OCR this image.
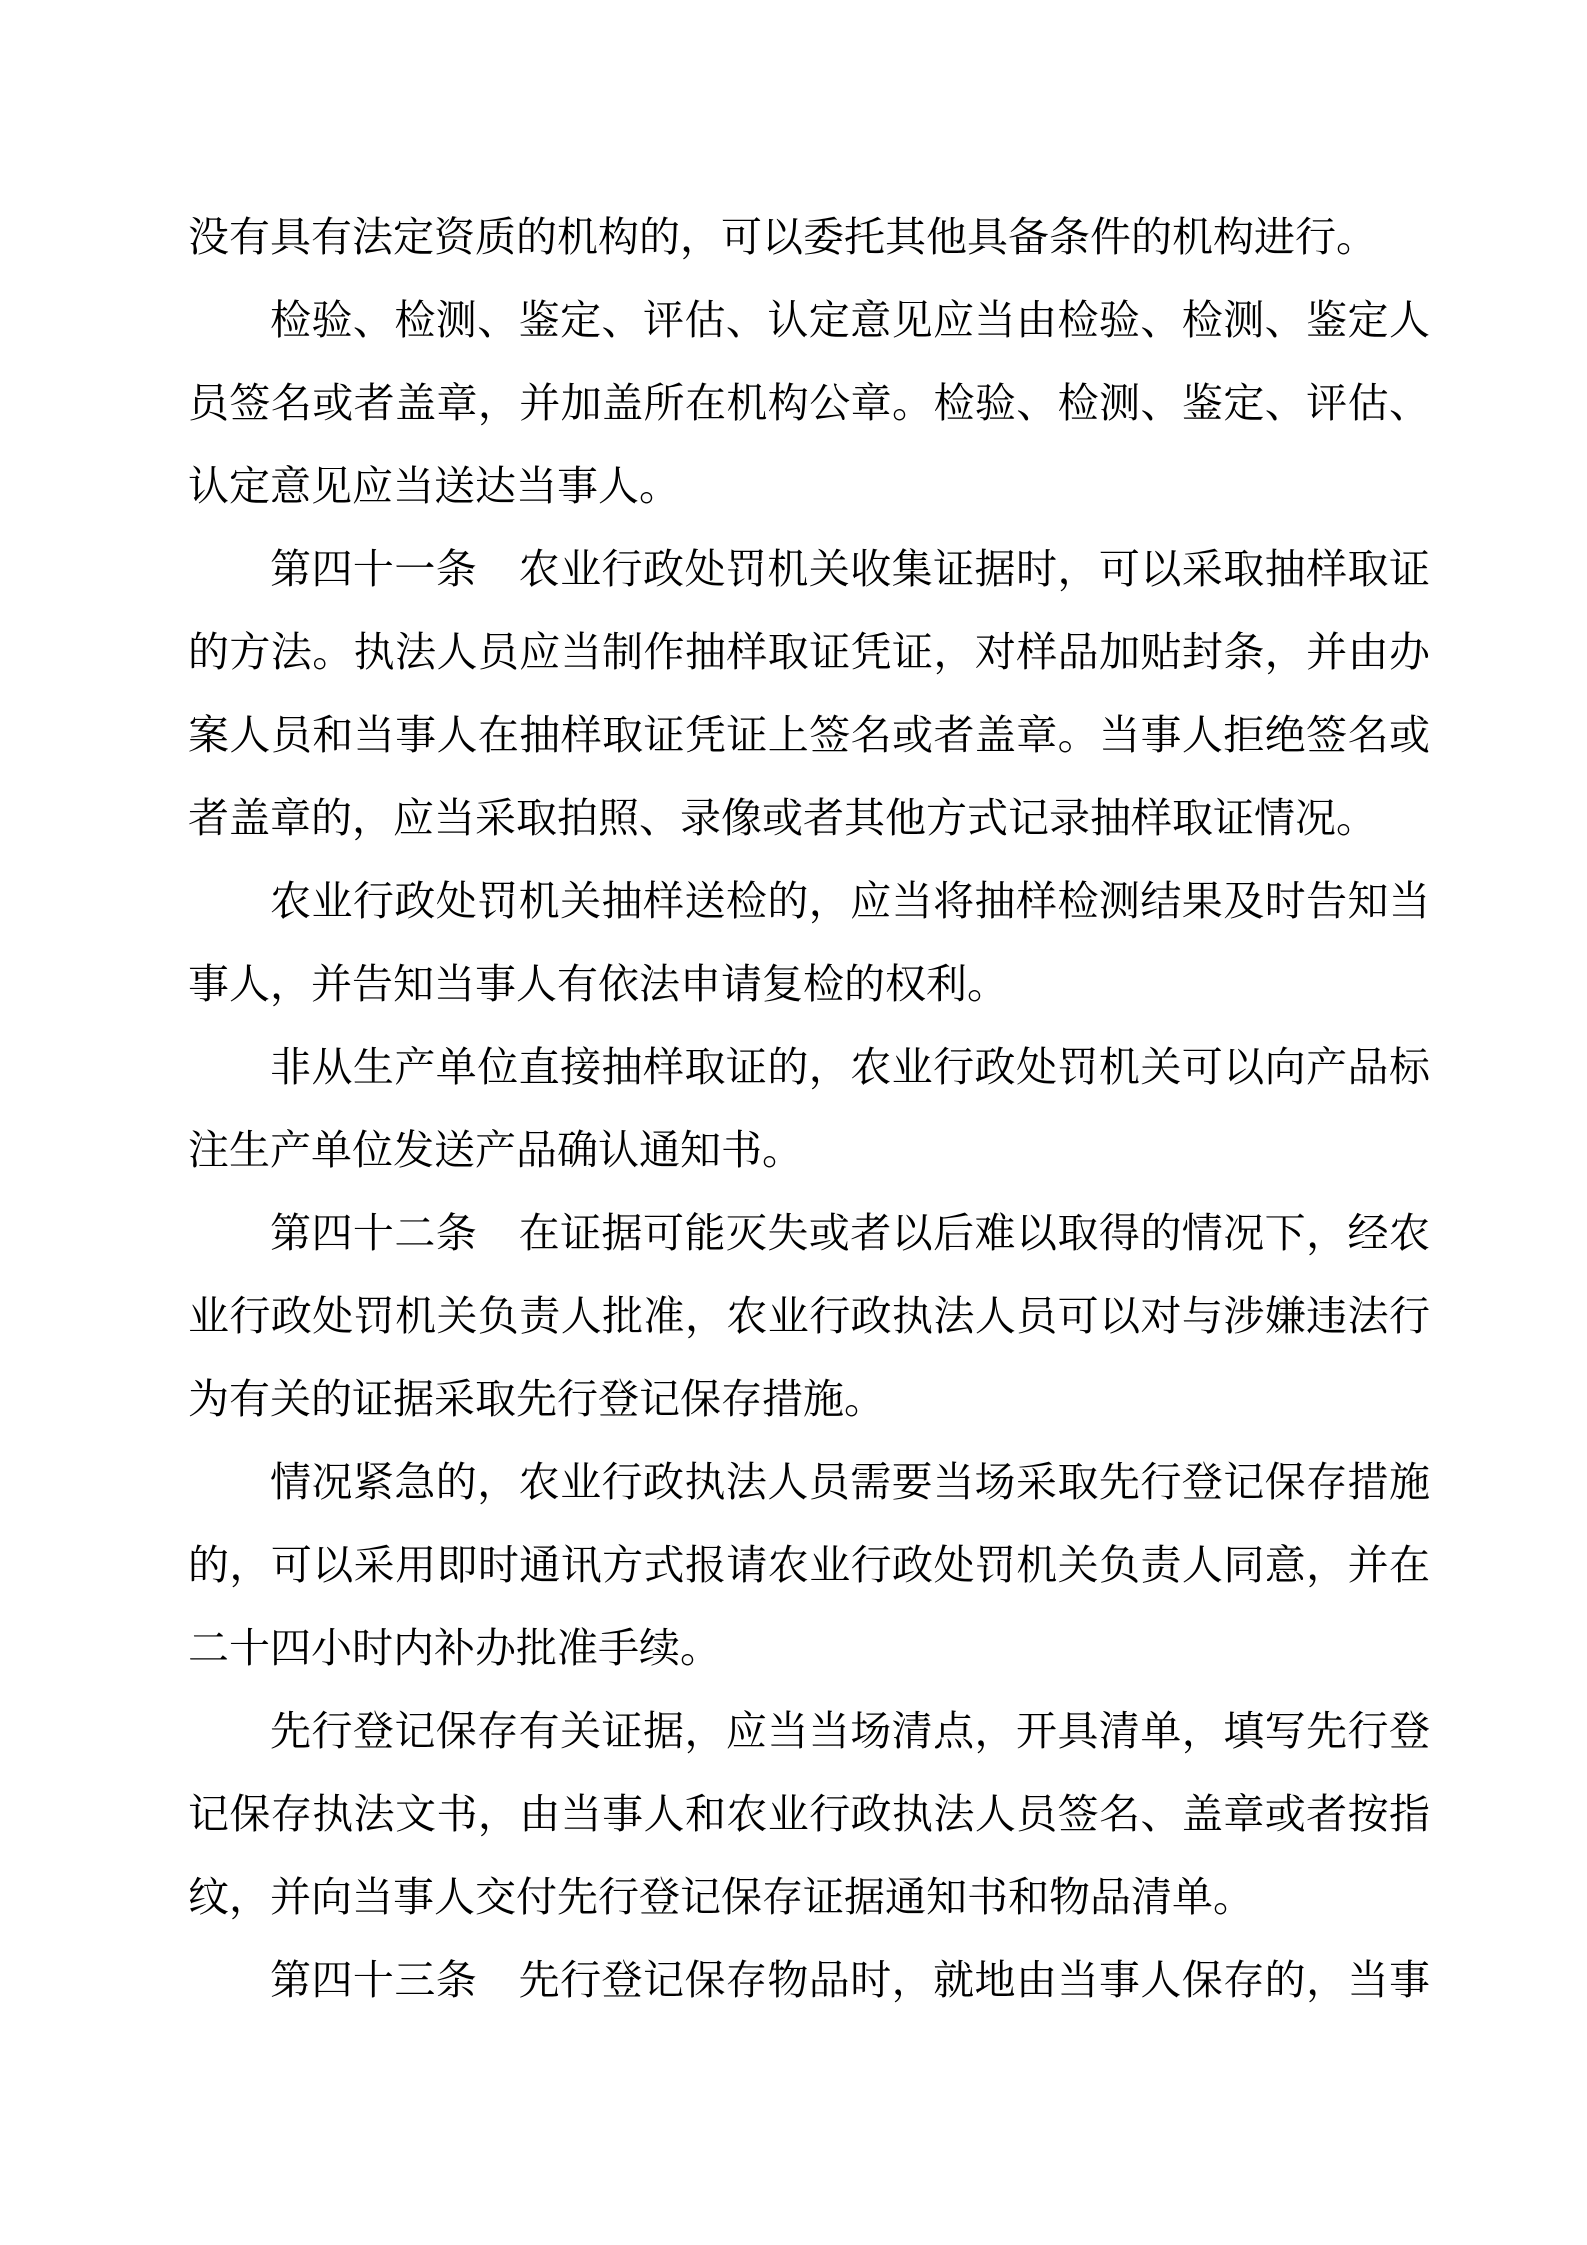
没有具有法定资质的机构的，可以委托其他具备条件的机构进行。
检验、检测、鉴定、评估、认定意见应当由检验、检测、鉴定人
员签名或者盖章，并加盖所在机构公章。检验、检测、鉴定、评估、
认定意见应当送达当事人。
第四十一条　农业行政处罚机关收集证据时，可以采取抽样取证
的方法。执法人员应当制作抽样取证凭证，对样品加贴封条，并由办
案人员和当事人在抽样取证凭证上签名或者盖章。当事人拒绝签名或
者盖章的，应当采取拍照、录像或者其他方式记录抽样取证情况。
农业行政处罚机关抽样送检的，应当将抽样检测结果及时告知当
事人，并告知当事人有依法申请复检的权利。
非从生产单位直接抽样取证的，农业行政处罚机关可以向产品标
注生产单位发送产品确认通知书。
第四十二条　在证据可能灭失或者以后难以取得的情况下，经农
业行政处罚机关负责人批准，农业行政执法人员可以对与涉嫌违法行
为有关的证据采取先行登记保存措施。
情况紧急的，农业行政执法人员需要当场采取先行登记保存措施
的，可以采用即时通讯方式报请农业行政处罚机关负责人同意，并在
二十四小时内补办批准手续。
先行登记保存有关证据，应当当场清点，开具清单，填写先行登
记保存执法文书，由当事人和农业行政执法人员签名、盖章或者按指
纹，并向当事人交付先行登记保存证据通知书和物品清单。
第四十三条　先行登记保存物品时，就地由当事人保存的，当事
